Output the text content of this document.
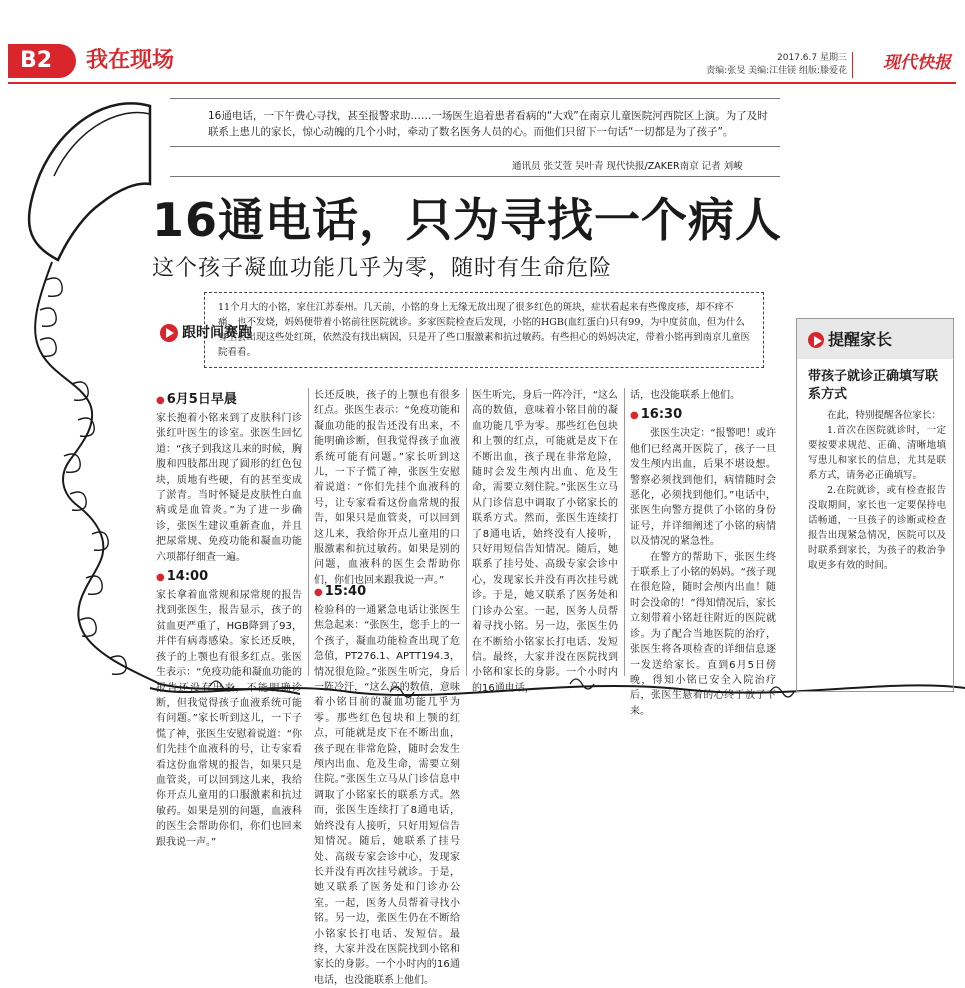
B2	我在现场	2017.6.7 星期三
责编:张旻 美编:江佳镁 组版:滕爱花 现代快报
16通电话，一下午费心寻找，甚至报警求助……一场医生追着患者看病的“大戏”在南京儿童医院河西院区上演。为了及时联系上患儿的家长，惊心动魄的几个小时，牵动了数名医务人员的心。而他们只留下一句话“一切都是为了孩子”。
通讯员 张艾萱 吴叶青 现代快报/ZAKER南京 记者 刘峻
16通电话，只为寻找一个病人
这个孩子凝血功能几乎为零，随时有生命危险
11个月大的小铭，家住江苏泰州。几天前，小铭的身上无缘无故出现了很多红色的斑块，症状看起来有些像皮疹，却不痒不痛，也不发烧，妈妈便带着小铭前往医院就诊。多家医院检查后发现，小铭的HGB(血红蛋白)只有99，为中度贫血，但为什么身上会出现这些处红斑，依然没有找出病因，只是开了些口服激素和抗过敏药。有些担心的妈妈决定，带着小铭再到南京儿童医院看看。
跟时间赛跑
● 6月5日早晨

家长抱着小铭来到了皮肤科门诊张红叶医生的诊室。张医生回忆道：“孩子到我这儿来的时候，胸腹和四肢都出现了圆形的红色包块，质地有些硬，有的甚至变成了淤青。当时怀疑是皮肤性白血病或是血管炎。”为了进一步确诊，张医生建议重新查血，并且把尿常规、免疫功能和凝血功能六项都仔细查一遍。

● 14:00

家长拿着血常规和尿常规的报告找到张医生，报告显示，孩子的贫血更严重了，HGB降到了93，并伴有病毒感染。家长还反映，孩子的上颚也有很多红点。张医生表示：“免疫功能和凝血功能的报告还没有出来，不能明确诊断，但我觉得孩子血液系统可能有问题。”家长听到这儿，一下子慌了神，张医生安慰着说道：“你们先挂个血液科的号，让专家看看这份血常规的报告，如果只是血管炎，可以回到这儿来，我给你开点儿童用的口服激素和抗过敏药。如果是别的问题，血液科的医生会帮助你们，你们也回来跟我说一声。”

长还反映，孩子的上颚也有很多红点。张医生表示：“免疫功能和凝血功能的报告还没有出来，不能明确诊断，但我觉得孩子血液系统可能有问题。”家长听到这儿，一下子慌了神，张医生安慰着说道：“你们先挂个血液科的号，让专家看看这份血常规的报告，如果只是血管炎，可以回到这儿来，我给你开点儿童用的口服激素和抗过敏药。如果是别的问题，血液科的医生会帮助你们，你们也回来跟我说一声。”

● 15:40

检验科的一通紧急电话让张医生焦急起来：“张医生，您手上的一个孩子，凝血功能检查出现了危急值，PT276.1、APTT194.3，情况很危险。”张医生听完，身后一阵冷汗，“这么高的数值，意味着小铭目前的凝血功能几乎为零。那些红色包块和上颚的红点，可能就是皮下在不断出血，孩子现在非常危险，随时会发生颅内出血、危及生命，需要立刻住院。”张医生立马从门诊信息中调取了小铭家长的联系方式。然而，张医生连续打了8通电话，始终没有人接听，只好用短信告知情况。随后，她联系了挂号处、高级专家会诊中心，发现家长并没有再次挂号就诊。于是，她又联系了医务处和门诊办公室。一起，医务人员帮着寻找小铭。另一边，张医生仍在不断给小铭家长打电话、发短信。最终，大家并没在医院找到小铭和家长的身影。一个小时内的16通电话，也没能联系上他们。

医生听完，身后一阵冷汗，“这么高的数值，意味着小铭目前的凝血功能几乎为零。那些红色包块和上颚的红点，可能就是皮下在不断出血，孩子现在非常危险，随时会发生颅内出血、危及生命，需要立刻住院。”张医生立马从门诊信息中调取了小铭家长的联系方式。然而，张医生连续打了8通电话，始终没有人接听，只好用短信告知情况。随后，她联系了挂号处、高级专家会诊中心，发现家长并没有再次挂号就诊。于是，她又联系了医务处和门诊办公室。一起，医务人员帮着寻找小铭。另一边，张医生仍在不断给小铭家长打电话、发短信。最终，大家并没在医院找到小铭和家长的身影。一个小时内的16通电话，

话，也没能联系上他们。

● 16:30

张医生决定：“报警吧！或许他们已经离开医院了，孩子一旦发生颅内出血，后果不堪设想。警察必须找到他们，病情随时会恶化，必须找到他们。”电话中，张医生向警方提供了小铭的身份证号，并详细阐述了小铭的病情以及情况的紧急性。

在警方的帮助下，张医生终于联系上了小铭的妈妈。“孩子现在很危险，随时会颅内出血！随时会没命的！”得知情况后，家长立刻带着小铭赶往附近的医院就诊。为了配合当地医院的治疗，张医生将各项检查的详细信息逐一发送给家长。直到6月5日傍晚，得知小铭已安全入院治疗后，张医生悬着的心终于放了下来。

提醒家长
带孩子就诊正确填写联系方式

在此，特别提醒各位家长：

1.首次在医院就诊时，一定要按要求规范、正确、清晰地填写患儿和家长的信息，尤其是联系方式，请务必正确填写。

2.在院就诊，或有检查报告没取期间，家长也一定要保持电话畅通，一旦孩子的诊断或检查报告出现紧急情况，医院可以及时联系到家长，为孩子的救治争取更多有效的时间。
